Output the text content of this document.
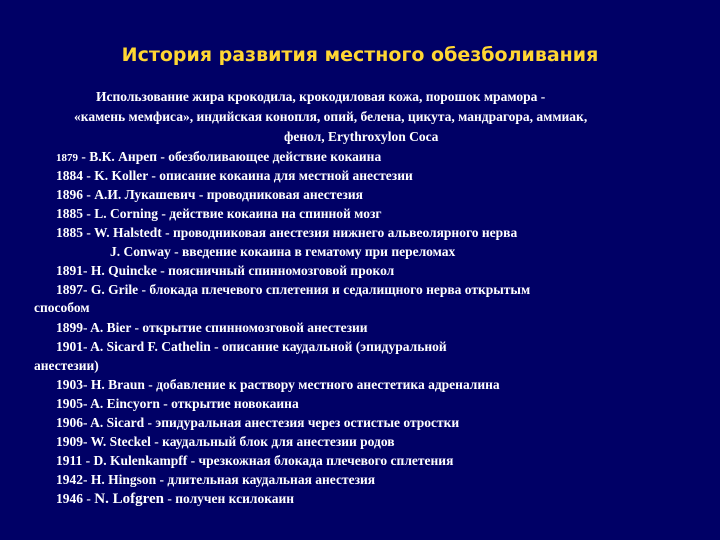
История развития местного обезболивания
Использование жира крокодила, крокодиловая кожа, порошок мрамора -
«камень мемфиса», индийская конопля, опий, белена, цикута, мандрагора, аммиак,
фенол, Erythroxylon Coca
1879 - В.К. Анреп - обезболивающее действие кокаина
1884 - K. Koller - описание кокаина для местной анестезии
1896 - А.И. Лукашевич - проводниковая анестезия
1885 - L. Corning - действие кокаина на спинной мозг
1885 - W. Halstedt - проводниковая анестезия нижнего альвеолярного нерва
J. Conway - введение кокаина в гематому при переломах
1891- H. Quincke - поясничный спинномозговой прокол
1897- G. Grile - блокада плечевого сплетения и седалищного нерва открытым
способом
1899- A. Bier - открытие спинномозговой анестезии
1901- A. Sicard F. Cathelin - описание каудальной (эпидуральной
анестезии)
1903- H. Braun - добавление к раствору местного анестетика адреналина
1905- A. Eincyorn - открытие новокаина
1906- A. Sicard - эпидуральная анестезия через остистые отростки
1909- W. Steckel - каудальный блок для анестезии родов
1911 - D. Kulenkampff - чрезкожная блокада плечевого сплетения
1942- H. Hingson - длительная каудальная анестезия
1946 - N. Lofgren - получен ксилокаин
